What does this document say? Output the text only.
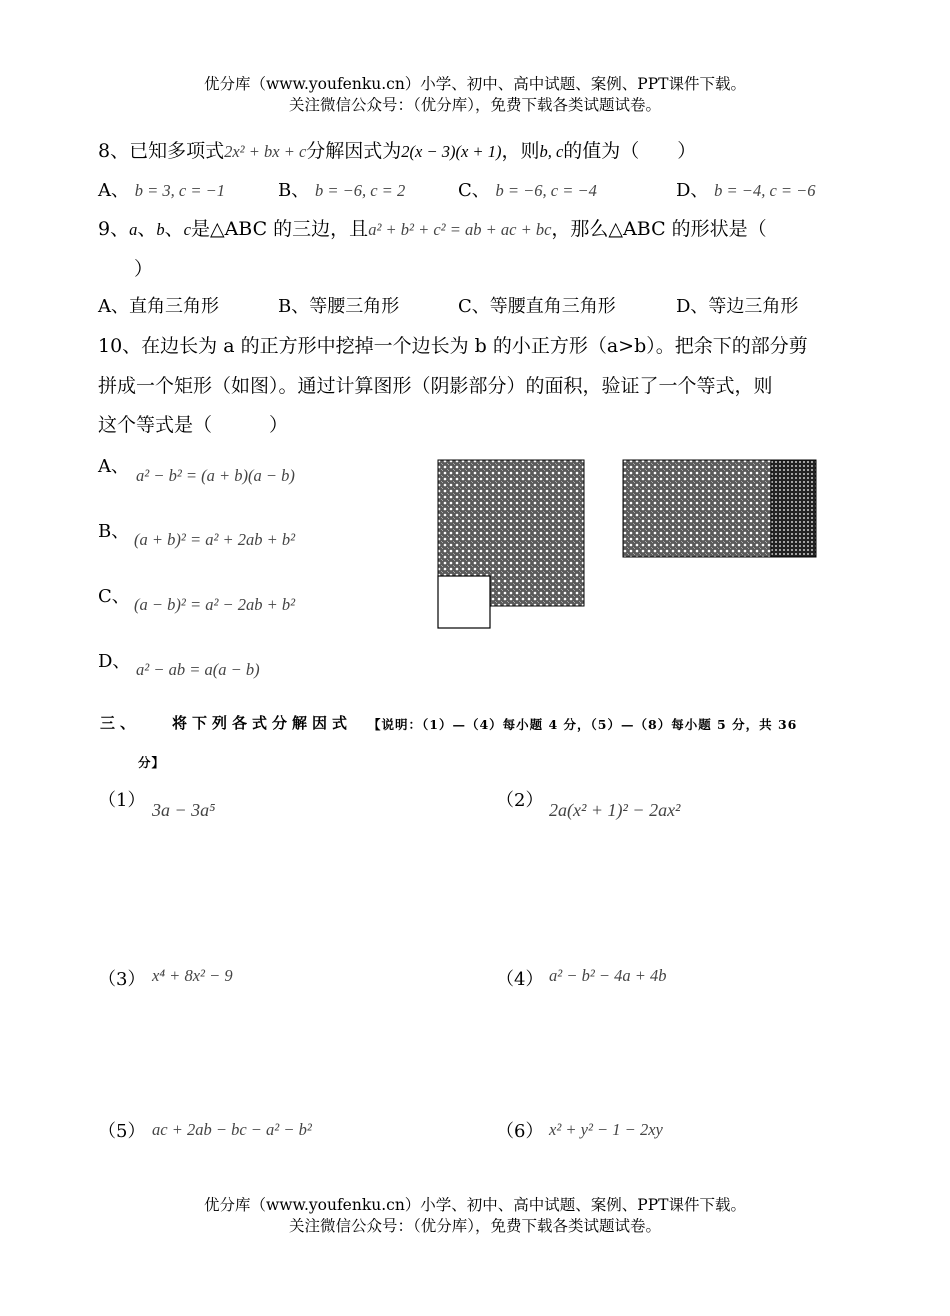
优分库（www.youfenku.cn）小学、初中、高中试题、案例、PPT课件下载。
关注微信公众号：（优分库），免费下载各类试题试卷。
8、已知多项式2x² + bx + c分解因式为2(x − 3)(x + 1)，则b, c的值为（　　）
A、 b = 3, c = −1	B、 b = −6, c = 2	C、 b = −6, c = −4	D、 b = −4, c = −6
9、a、b、c是△ABC 的三边，且a² + b² + c² = ab + ac + bc，那么△ABC 的形状是（
）
A、直角三角形	B、等腰三角形	C、等腰直角三角形	D、等边三角形
10、在边长为 a 的正方形中挖掉一个边长为 b 的小正方形（a>b）。把余下的部分剪
拼成一个矩形（如图）。通过计算图形（阴影部分）的面积，验证了一个等式，则
这个等式是（　　　）
A、 a² − b² = (a + b)(a − b)
B、 (a + b)² = a² + 2ab + b²
C、 (a − b)² = a² − 2ab + b²
D、 a² − ab = a(a − b)
三、 将下列各式分解因式 【说明：（1）—（4）每小题 4 分，（5）—（8）每小题 5 分，共 36
分】
（1） 3a − 3a⁵	（2） 2a(x² + 1)² − 2ax²
（3） x⁴ + 8x² − 9	（4） a² − b² − 4a + 4b
（5） ac + 2ab − bc − a² − b²	（6） x² + y² − 1 − 2xy
优分库（www.youfenku.cn）小学、初中、高中试题、案例、PPT课件下载。
关注微信公众号：（优分库），免费下载各类试题试卷。
